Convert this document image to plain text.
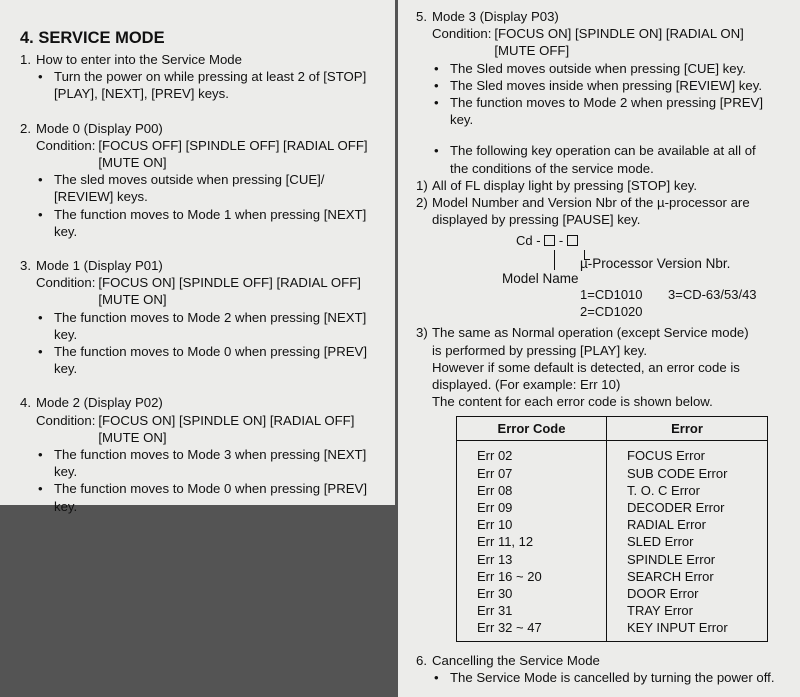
4. SERVICE MODE
1. How to enter into the Service Mode
• Turn the power on while pressing at least 2 of [STOP]
[PLAY], [NEXT], [PREV] keys.
2. Mode 0 (Display P00)
Condition: [FOCUS OFF] [SPINDLE OFF] [RADIAL OFF]
[MUTE ON]
• The sled moves outside when pressing [CUE]/
[REVIEW] keys.
• The function moves to Mode 1 when pressing [NEXT]
key.
3. Mode 1 (Display P01)
Condition: [FOCUS ON] [SPINDLE OFF] [RADIAL OFF]
[MUTE ON]
• The function moves to Mode 2 when pressing [NEXT]
key.
• The function moves to Mode 0 when pressing [PREV]
key.
4. Mode 2 (Display P02)
Condition: [FOCUS ON] [SPINDLE ON] [RADIAL OFF]
[MUTE ON]
• The function moves to Mode 3 when pressing [NEXT]
key.
• The function moves to Mode 0 when pressing [PREV]
key.
5. Mode 3 (Display P03)
Condition: [FOCUS ON] [SPINDLE ON] [RADIAL ON]
[MUTE OFF]
• The Sled moves outside when pressing [CUE] key.
• The Sled moves inside when pressing [REVIEW] key.
• The function moves to Mode 2 when pressing [PREV]
key.
• The following key operation can be available at all of
the conditions of the service mode.
1) All of FL display light by pressing [STOP] key.
2) Model Number and Version Nbr of the µ-processor are
displayed by pressing [PAUSE] key.
Cd - -
µ-Processor Version Nbr.
Model Name
1=CD1010
2=CD1020
3=CD-63/53/43
3) The same as Normal operation (except Service mode)
is performed by pressing [PLAY] key.
However if some default is detected, an error code is
displayed. (For example: Err 10)
The content for each error code is shown below.
Error Code	Error
Err 02	FOCUS Error
Err 07	SUB CODE Error
Err 08	T. O. C Error
Err 09	DECODER Error
Err 10	RADIAL Error
Err 11, 12	SLED Error
Err 13	SPINDLE Error
Err 16 ~ 20	SEARCH Error
Err 30	DOOR Error
Err 31	TRAY Error
Err 32 ~ 47	KEY INPUT Error
6. Cancelling the Service Mode
• The Service Mode is cancelled by turning the power off.
